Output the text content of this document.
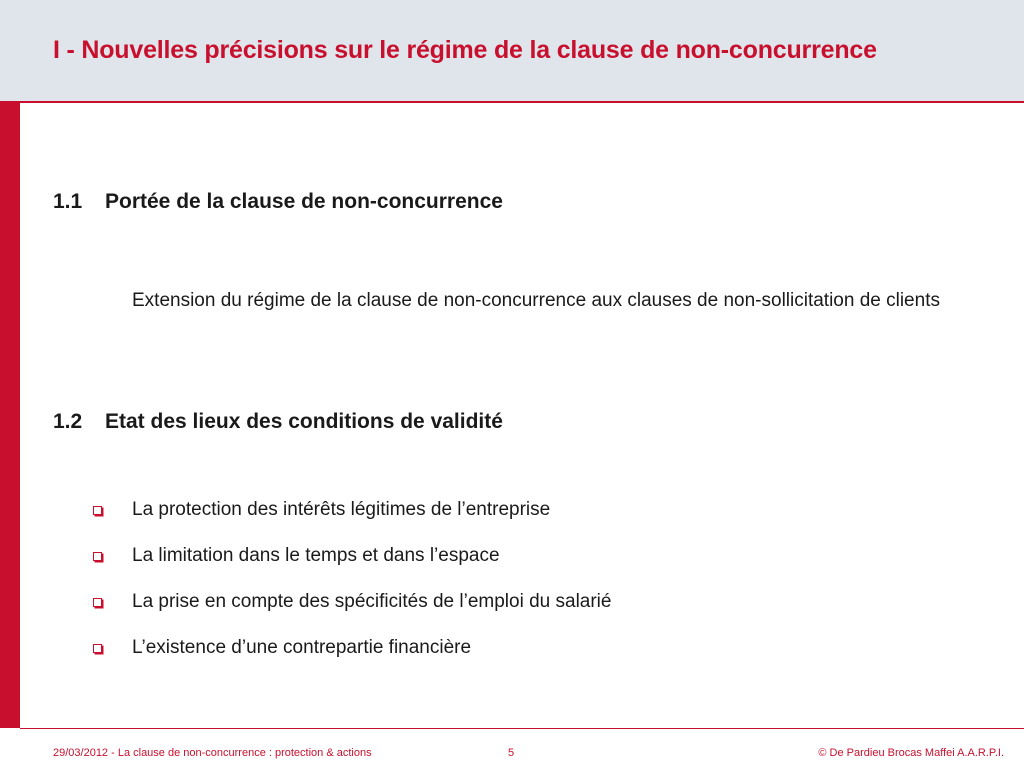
I - Nouvelles précisions sur le régime de la clause de non-concurrence
1.1 Portée de la clause de non-concurrence
Extension du régime de la clause de non-concurrence aux clauses de non-sollicitation de clients
1.2 Etat des lieux des conditions de validité
La protection des intérêts légitimes de l’entreprise
La limitation dans le temps et dans l’espace
La prise en compte des spécificités de l’emploi du salarié
L’existence d’une contrepartie financière
29/03/2012 - La clause de non-concurrence : protection & actions	5	© De Pardieu Brocas Maffei A.A.R.P.I.
